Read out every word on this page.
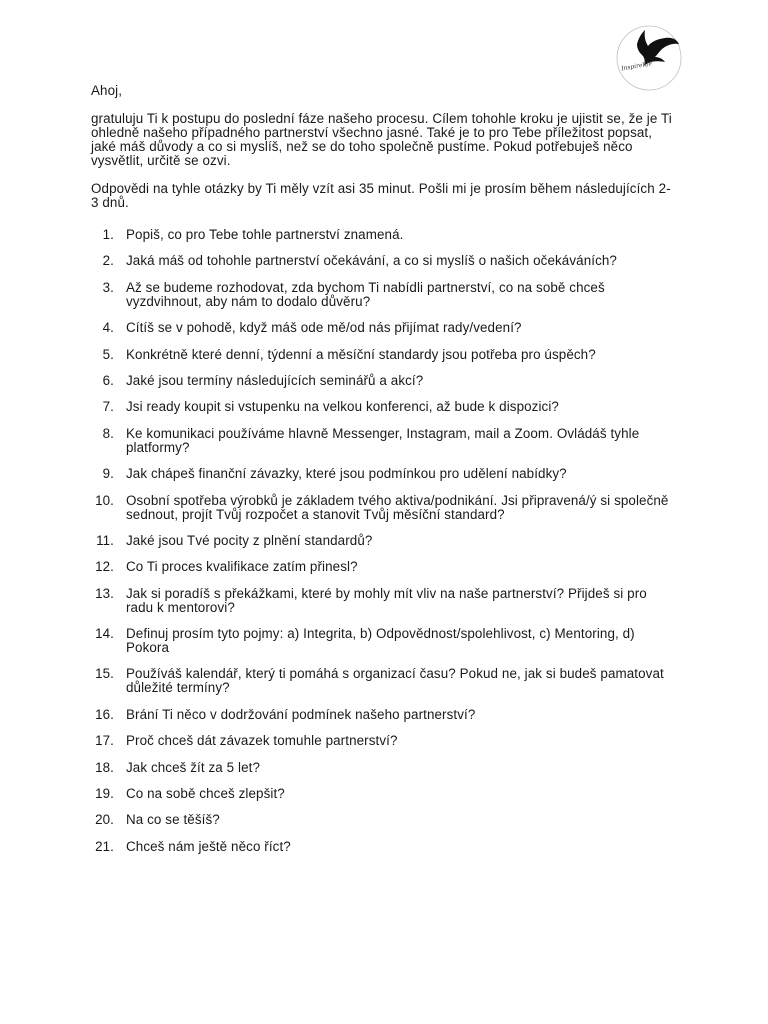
Inspirelife

Ahoj,

gratuluju Ti k postupu do poslední fáze našeho procesu. Cílem tohohle kroku je ujistit se, že je Ti ohledně našeho případného partnerství všechno jasné. Také je to pro Tebe příležitost popsat, jaké máš důvody a co si myslíš, než se do toho společně pustíme. Pokud potřebuješ něco vysvětlit, určitě se ozvi.

Odpovědi na tyhle otázky by Ti měly vzít asi 35 minut. Pošli mi je prosím během následujících 2-3 dnů.

1. Popiš, co pro Tebe tohle partnerství znamená.
2. Jaká máš od tohohle partnerství očekávání, a co si myslíš o našich očekáváních?
3. Až se budeme rozhodovat, zda bychom Ti nabídli partnerství, co na sobě chceš vyzdvihnout, aby nám to dodalo důvěru?
4. Cítíš se v pohodě, když máš ode mě/od nás přijímat rady/vedení?
5. Konkrétně které denní, týdenní a měsíční standardy jsou potřeba pro úspěch?
6. Jaké jsou termíny následujících seminářů a akcí?
7. Jsi ready koupit si vstupenku na velkou konferenci, až bude k dispozici?
8. Ke komunikaci používáme hlavně Messenger, Instagram, mail a Zoom. Ovládáš tyhle platformy?
9. Jak chápeš finanční závazky, které jsou podmínkou pro udělení nabídky?
10. Osobní spotřeba výrobků je základem tvého aktiva/podnikání. Jsi připravená/ý si společně sednout, projít Tvůj rozpočet a stanovit Tvůj měsíční standard?
11. Jaké jsou Tvé pocity z plnění standardů?
12. Co Ti proces kvalifikace zatím přinesl?
13. Jak si poradíš s překážkami, které by mohly mít vliv na naše partnerství? Přijdeš si pro radu k mentorovi?
14. Definuj prosím tyto pojmy: a) Integrita, b) Odpovědnost/spolehlivost, c) Mentoring, d) Pokora
15. Používáš kalendář, který ti pomáhá s organizací času? Pokud ne, jak si budeš pamatovat důležité termíny?
16. Brání Ti něco v dodržování podmínek našeho partnerství?
17. Proč chceš dát závazek tomuhle partnerství?
18. Jak chceš žít za 5 let?
19. Co na sobě chceš zlepšit?
20. Na co se těšíš?
21. Chceš nám ještě něco říct?
